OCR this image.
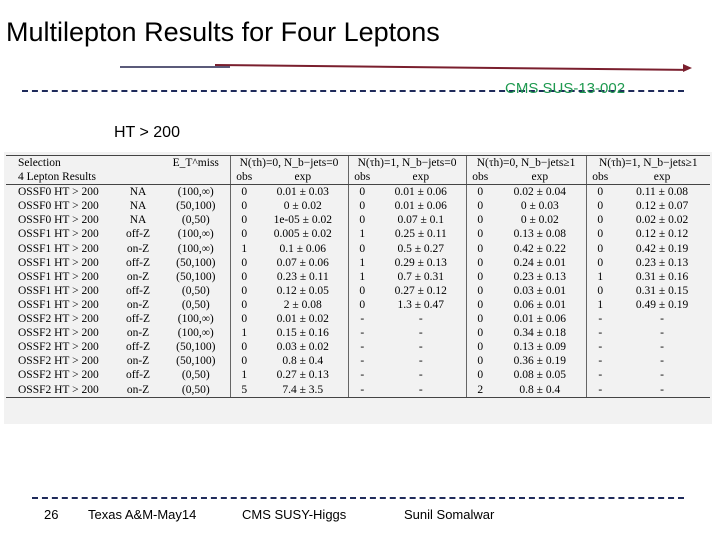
Multilepton Results for Four Leptons
CMS SUS-13-002
HT > 200
Selection		E_T^miss	N(τh)=0, N_b−jets=0		N(τh)=1, N_b−jets=0		N(τh)=0, N_b−jets≥1		N(τh)=1, N_b−jets≥1	
4 Lepton Results			obs	exp	obs	exp	obs	exp	obs	exp
OSSF0 HT > 200	NA	(100,∞)	0	0.01 ± 0.03	0	0.01 ± 0.06	0	0.02 ± 0.04	0	0.11 ± 0.08
OSSF0 HT > 200	NA	(50,100)	0	0 ± 0.02	0	0.01 ± 0.06	0	0 ± 0.03	0	0.12 ± 0.07
OSSF0 HT > 200	NA	(0,50)	0	1e-05 ± 0.02	0	0.07 ± 0.1	0	0 ± 0.02	0	0.02 ± 0.02
OSSF1 HT > 200	off-Z	(100,∞)	0	0.005 ± 0.02	1	0.25 ± 0.11	0	0.13 ± 0.08	0	0.12 ± 0.12
OSSF1 HT > 200	on-Z	(100,∞)	1	0.1 ± 0.06	0	0.5 ± 0.27	0	0.42 ± 0.22	0	0.42 ± 0.19
OSSF1 HT > 200	off-Z	(50,100)	0	0.07 ± 0.06	1	0.29 ± 0.13	0	0.24 ± 0.01	0	0.23 ± 0.13
OSSF1 HT > 200	on-Z	(50,100)	0	0.23 ± 0.11	1	0.7 ± 0.31	0	0.23 ± 0.13	1	0.31 ± 0.16
OSSF1 HT > 200	off-Z	(0,50)	0	0.12 ± 0.05	0	0.27 ± 0.12	0	0.03 ± 0.01	0	0.31 ± 0.15
OSSF1 HT > 200	on-Z	(0,50)	0	2 ± 0.08	0	1.3 ± 0.47	0	0.06 ± 0.01	1	0.49 ± 0.19
OSSF2 HT > 200	off-Z	(100,∞)	0	0.01 ± 0.02	-	-	0	0.01 ± 0.06	-	-
OSSF2 HT > 200	on-Z	(100,∞)	1	0.15 ± 0.16	-	-	0	0.34 ± 0.18	-	-
OSSF2 HT > 200	off-Z	(50,100)	0	0.03 ± 0.02	-	-	0	0.13 ± 0.09	-	-
OSSF2 HT > 200	on-Z	(50,100)	0	0.8 ± 0.4	-	-	0	0.36 ± 0.19	-	-
OSSF2 HT > 200	off-Z	(0,50)	1	0.27 ± 0.13	-	-	0	0.08 ± 0.05	-	-
OSSF2 HT > 200	on-Z	(0,50)	5	7.4 ± 3.5	-	-	2	0.8 ± 0.4	-	-
26 Texas A&M-May14	CMS SUSY-Higgs	Sunil Somalwar
